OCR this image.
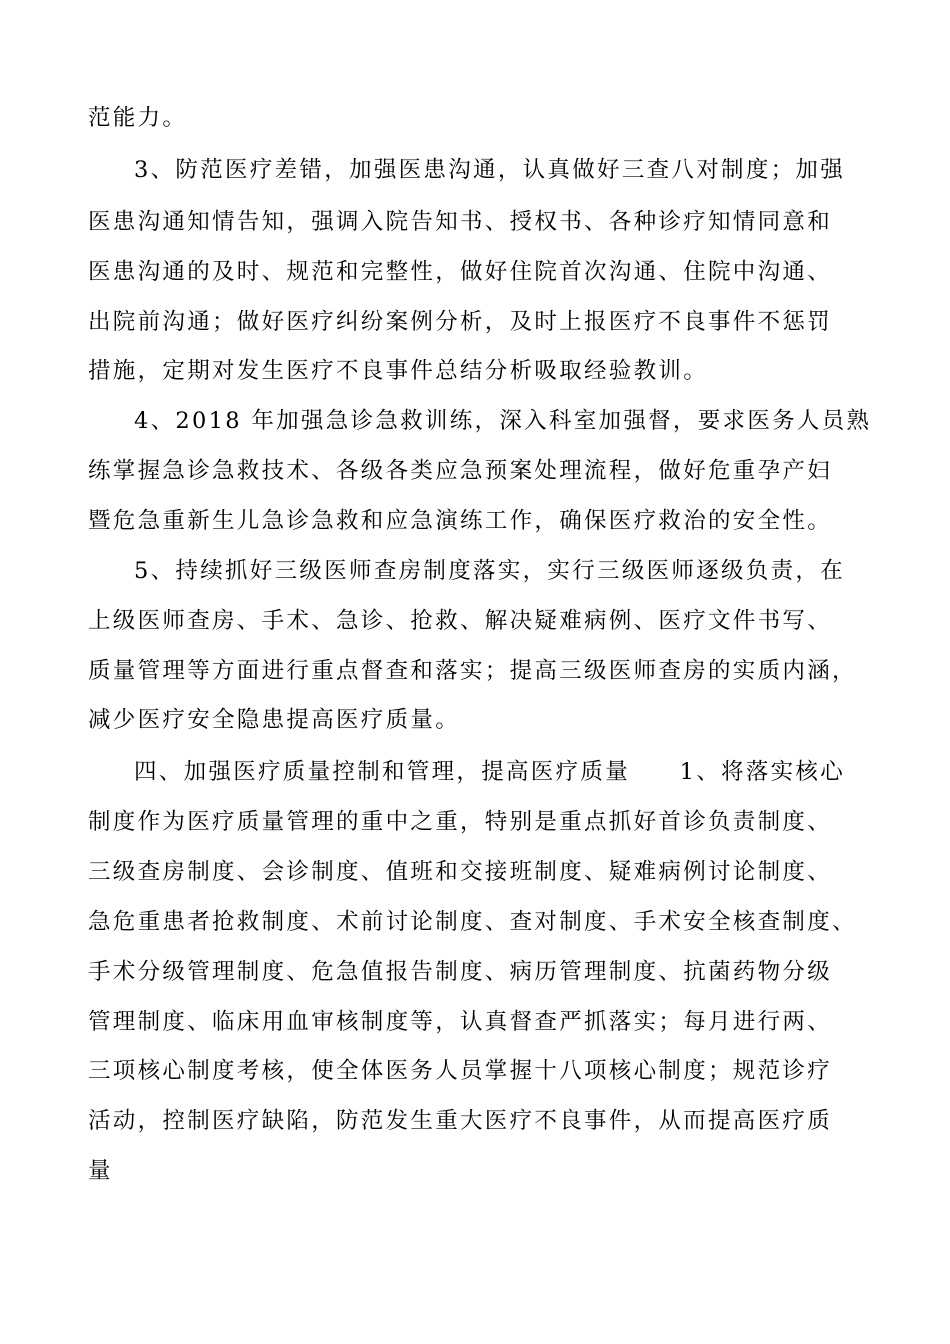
范能力。
3、防范医疗差错，加强医患沟通，认真做好三查八对制度；加强
医患沟通知情告知，强调入院告知书、授权书、各种诊疗知情同意和
医患沟通的及时、规范和完整性，做好住院首次沟通、住院中沟通、
出院前沟通；做好医疗纠纷案例分析，及时上报医疗不良事件不惩罚
措施，定期对发生医疗不良事件总结分析吸取经验教训。
4、2018 年加强急诊急救训练，深入科室加强督，要求医务人员熟
练掌握急诊急救技术、各级各类应急预案处理流程，做好危重孕产妇
暨危急重新生儿急诊急救和应急演练工作，确保医疗救治的安全性。
5、持续抓好三级医师查房制度落实，实行三级医师逐级负责，在
上级医师查房、手术、急诊、抢救、解决疑难病例、医疗文件书写、
质量管理等方面进行重点督查和落实；提高三级医师查房的实质内涵，
减少医疗安全隐患提高医疗质量。
四、加强医疗质量控制和管理，提高医疗质量　　1、将落实核心
制度作为医疗质量管理的重中之重，特别是重点抓好首诊负责制度、
三级查房制度、会诊制度、值班和交接班制度、疑难病例讨论制度、
急危重患者抢救制度、术前讨论制度、查对制度、手术安全核查制度、
手术分级管理制度、危急值报告制度、病历管理制度、抗菌药物分级
管理制度、临床用血审核制度等，认真督查严抓落实；每月进行两、
三项核心制度考核，使全体医务人员掌握十八项核心制度；规范诊疗
活动，控制医疗缺陷，防范发生重大医疗不良事件，从而提高医疗质
量
